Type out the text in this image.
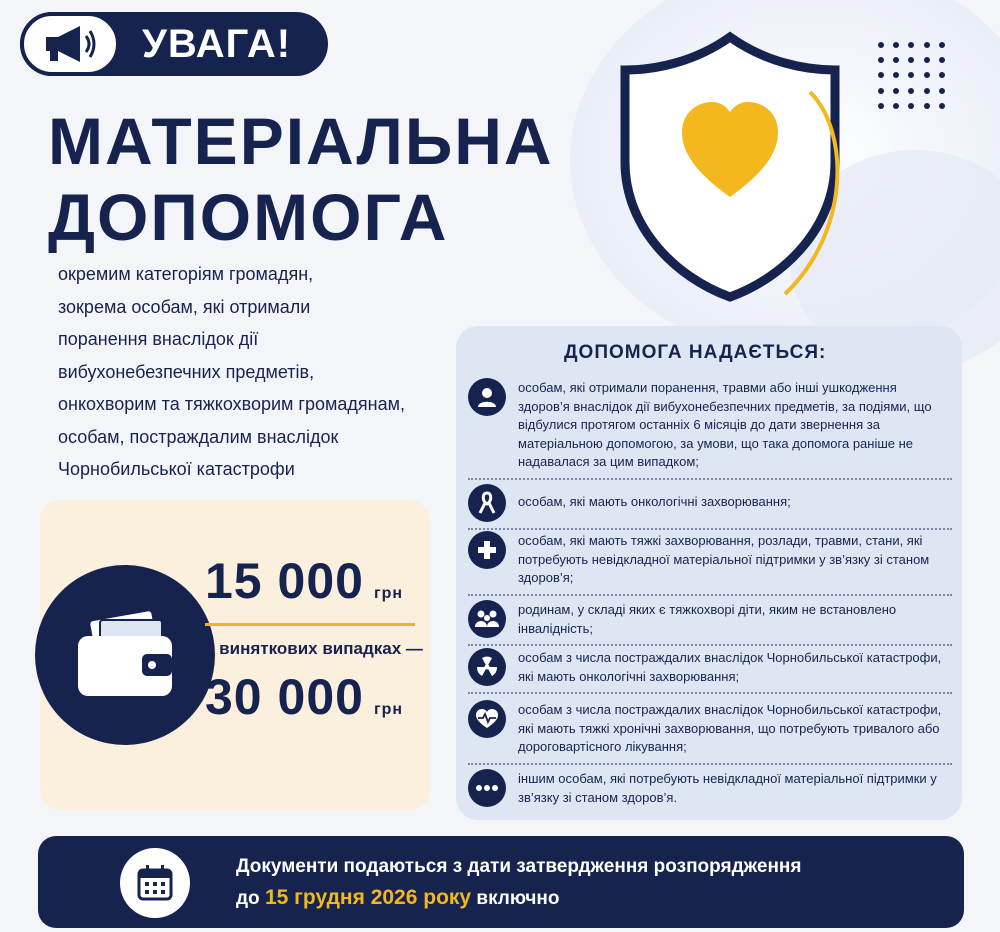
УВАГА!
МАТЕРІАЛЬНА
ДОПОМОГА
окремим категоріям громадян,
зокрема особам, які отримали
поранення внаслідок дії
вибухонебезпечних предметів,
онкохворим та тяжкохворим громадянам,
особам, постраждалим внаслідок
Чорнобильської катастрофи
15 000 грн
у виняткових випадках —
30 000 грн
ДОПОМОГА НАДАЄТЬСЯ:
особам, які отримали поранення, травми або інші ушкодження здоров’я внаслідок дії вибухонебезпечних предметів, за подіями, що відбулися протягом останніх 6 місяців до дати звернення за матеріальною допомогою, за умови, що така допомога раніше не надавалася за цим випадком;
особам, які мають онкологічні захворювання;
особам, які мають тяжкі захворювання, розлади, травми, стани, які потребують невідкладної матеріальної підтримки у зв’язку зі станом здоров’я;
родинам, у складі яких є тяжкохворі діти, яким не встановлено інвалідність;
особам з числа постраждалих внаслідок Чорнобильської катастрофи, які мають онкологічні захворювання;
особам з числа постраждалих внаслідок Чорнобильської катастрофи, які мають тяжкі хронічні захворювання, що потребують тривалого або дороговартісного лікування;
іншим особам, які потребують невідкладної матеріальної підтримки у зв’язку зі станом здоров’я.
Документи подаються з дати затвердження розпорядження
до 15 грудня 2026 року включно
